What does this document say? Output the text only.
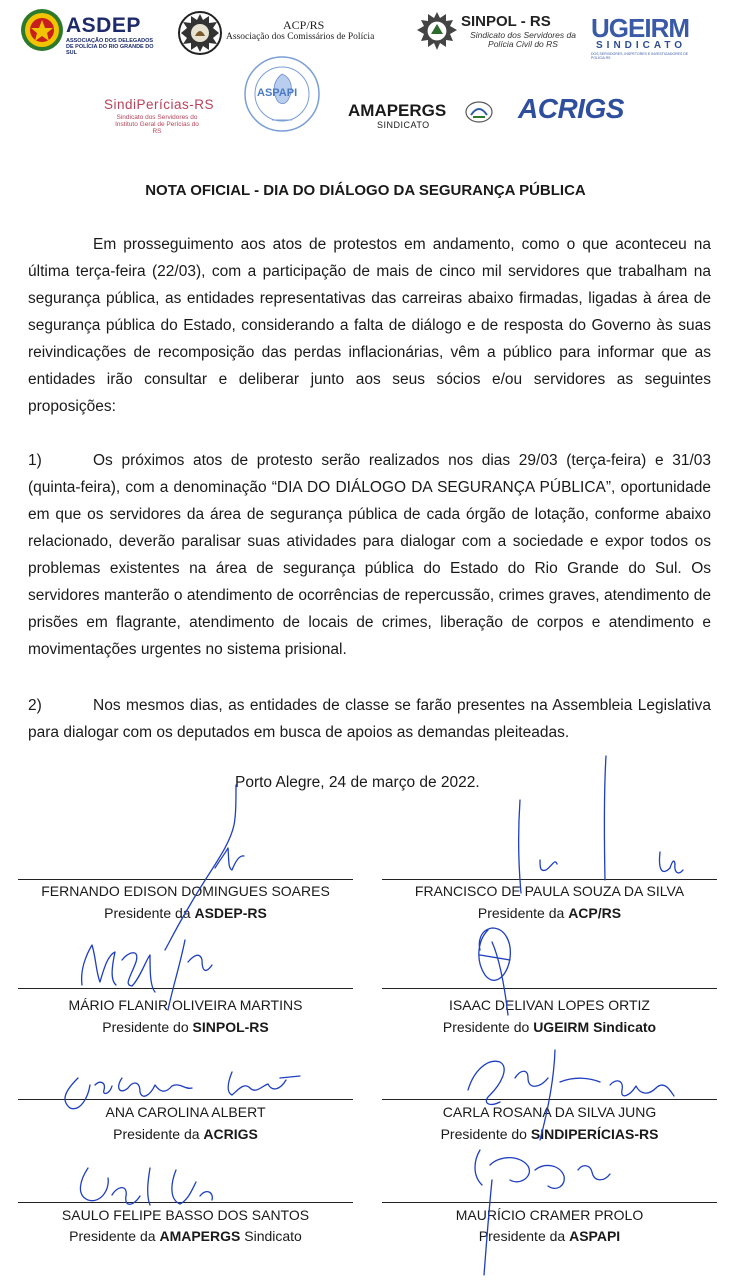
ASDEP
ASSOCIAÇÃO DOS DELEGADOS DE POLÍCIA DO RIO GRANDE DO SUL
ACP/RS
Associação dos Comissários de Polícia
SINPOL - RS
Sindicato dos Servidores da Polícia Civil do RS
UGEIRM
SINDICATO
DOS SERVIDORES, INSPETORES E INVESTIGADORES DE POLÍCIA RS
SindiPerícias-RS
Sindicato dos Servidores do Instituto Geral de Perícias do RS
ASPAPI
AMAPERGS
SINDICATO
ACRIGS
NOTA OFICIAL - DIA DO DIÁLOGO DA SEGURANÇA PÚBLICA
Em prosseguimento aos atos de protestos em andamento, como o que aconteceu na última terça-feira (22/03), com a participação de mais de cinco mil servidores que trabalham na segurança pública, as entidades representativas das carreiras abaixo firmadas, ligadas à área de segurança pública do Estado, considerando a falta de diálogo e de resposta do Governo às suas reivindicações de recomposição das perdas inflacionárias, vêm a público para informar que as entidades irão consultar e deliberar junto aos seus sócios e/ou servidores as seguintes proposições:
1)	Os próximos atos de protesto serão realizados nos dias 29/03 (terça-feira) e 31/03 (quinta-feira), com a denominação “DIA DO DIÁLOGO DA SEGURANÇA PÚBLICA”, oportunidade em que os servidores da área de segurança pública de cada órgão de lotação, conforme abaixo relacionado, deverão paralisar suas atividades para dialogar com a sociedade e expor todos os problemas existentes na área de segurança pública do Estado do Rio Grande do Sul. Os servidores manterão o atendimento de ocorrências de repercussão, crimes graves, atendimento de prisões em flagrante, atendimento de locais de crimes, liberação de corpos e atendimento e movimentações urgentes no sistema prisional.
2)	Nos mesmos dias, as entidades de classe se farão presentes na Assembleia Legislativa para dialogar com os deputados em busca de apoios as demandas pleiteadas.
Porto Alegre, 24 de março de 2022.
FERNANDO EDISON DOMINGUES SOARES
Presidente da ASDEP-RS
FRANCISCO DE PAULA SOUZA DA SILVA
Presidente da ACP/RS
MÁRIO FLANIR OLIVEIRA MARTINS
Presidente do SINPOL-RS
ISAAC DELIVAN LOPES ORTIZ
Presidente do UGEIRM Sindicato
ANA CAROLINA ALBERT
Presidente da ACRIGS
CARLA ROSANA DA SILVA JUNG
Presidente do SINDIPERÍCIAS-RS
SAULO FELIPE BASSO DOS SANTOS
Presidente da AMAPERGS Sindicato
MAURÍCIO CRAMER PROLO
Presidente da ASPAPI
